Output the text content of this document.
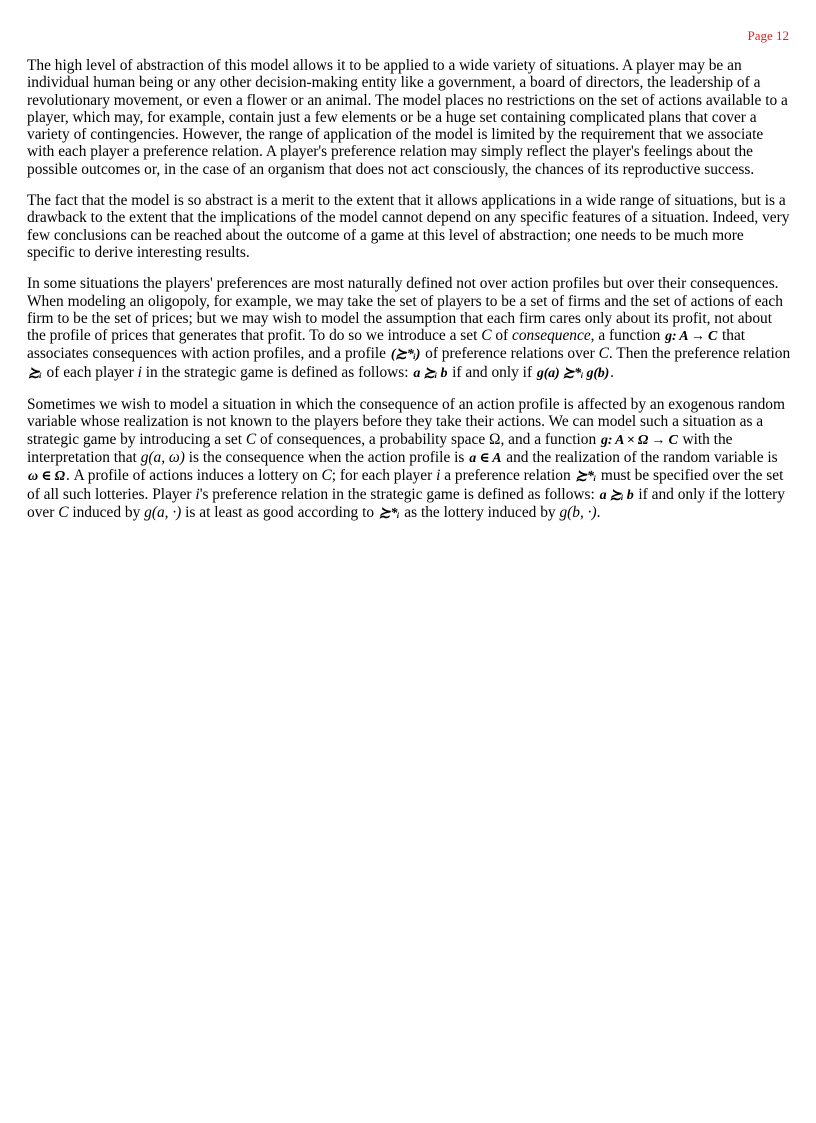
Page 12

The high level of abstraction of this model allows it to be applied to a wide variety of situations. A player may be an individual human being or any other decision-making entity like a government, a board of directors, the leadership of a revolutionary movement, or even a flower or an animal. The model places no restrictions on the set of actions available to a player, which may, for example, contain just a few elements or be a huge set containing complicated plans that cover a variety of contingencies. However, the range of application of the model is limited by the requirement that we associate with each player a preference relation. A player's preference relation may simply reflect the player's feelings about the possible outcomes or, in the case of an organism that does not act consciously, the chances of its reproductive success.

The fact that the model is so abstract is a merit to the extent that it allows applications in a wide range of situations, but is a drawback to the extent that the implications of the model cannot depend on any specific features of a situation. Indeed, very few conclusions can be reached about the outcome of a game at this level of abstraction; one needs to be much more specific to derive interesting results.

In some situations the players' preferences are most naturally defined not over action profiles but over their consequences. When modeling an oligopoly, for example, we may take the set of players to be a set of firms and the set of actions of each firm to be the set of prices; but we may wish to model the assumption that each firm cares only about its profit, not about the profile of prices that generates that profit. To do so we introduce a set C of consequence, a function g: A → C that associates consequences with action profiles, and a profile (≿*ᵢ) of preference relations over C. Then the preference relation ≿ᵢ of each player i in the strategic game is defined as follows: a ≿ᵢ b if and only if g(a) ≿*ᵢ g(b).

Sometimes we wish to model a situation in which the consequence of an action profile is affected by an exogenous random variable whose realization is not known to the players before they take their actions. We can model such a situation as a strategic game by introducing a set C of consequences, a probability space Ω, and a function g: A × Ω → C with the interpretation that g(a, ω) is the consequence when the action profile is a ∈ A and the realization of the random variable is ω ∈ Ω. A profile of actions induces a lottery on C; for each player i a preference relation ≿*ᵢ must be specified over the set of all such lotteries. Player i's preference relation in the strategic game is defined as follows: a ≿ᵢ b if and only if the lottery over C induced by g(a, ·) is at least as good according to ≿*ᵢ as the lottery induced by g(b, ·).
